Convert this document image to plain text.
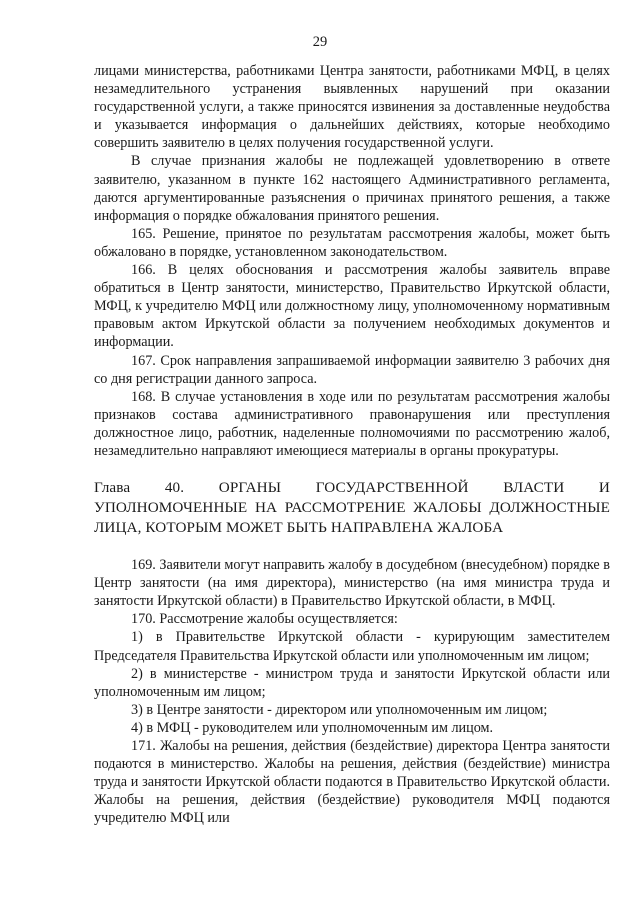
29

лицами министерства, работниками Центра занятости, работниками МФЦ, в целях незамедлительного устранения выявленных нарушений при оказании государственной услуги, а также приносятся извинения за доставленные неудобства и указывается информация о дальнейших действиях, которые необходимо совершить заявителю в целях получения государственной услуги.

В случае признания жалобы не подлежащей удовлетворению в ответе заявителю, указанном в пункте 162 настоящего Административного регламента, даются аргументированные разъяснения о причинах принятого решения, а также информация о порядке обжалования принятого решения.

165. Решение, принятое по результатам рассмотрения жалобы, может быть обжаловано в порядке, установленном законодательством.

166. В целях обоснования и рассмотрения жалобы заявитель вправе обратиться в Центр занятости, министерство, Правительство Иркутской области, МФЦ, к учредителю МФЦ или должностному лицу, уполномоченному нормативным правовым актом Иркутской области за получением необходимых документов и информации.

167. Срок направления запрашиваемой информации заявителю 3 рабочих дня со дня регистрации данного запроса.

168. В случае установления в ходе или по результатам рассмотрения жалобы признаков состава административного правонарушения или преступления должностное лицо, работник, наделенные полномочиями по рассмотрению жалоб, незамедлительно направляют имеющиеся материалы в органы прокуратуры.

Глава 40. ОРГАНЫ ГОСУДАРСТВЕННОЙ ВЛАСТИ И УПОЛНОМОЧЕННЫЕ НА РАССМОТРЕНИЕ ЖАЛОБЫ ДОЛЖНОСТНЫЕ ЛИЦА, КОТОРЫМ МОЖЕТ БЫТЬ НАПРАВЛЕНА ЖАЛОБА

169. Заявители могут направить жалобу в досудебном (внесудебном) порядке в Центр занятости (на имя директора), министерство (на имя министра труда и занятости Иркутской области) в Правительство Иркутской области, в МФЦ.

170. Рассмотрение жалобы осуществляется:

1) в Правительстве Иркутской области - курирующим заместителем Председателя Правительства Иркутской области или уполномоченным им лицом;

2) в министерстве - министром труда и занятости Иркутской области или уполномоченным им лицом;

3) в Центре занятости - директором или уполномоченным им лицом;

4) в МФЦ - руководителем или уполномоченным им лицом.

171. Жалобы на решения, действия (бездействие) директора Центра занятости подаются в министерство. Жалобы на решения, действия (бездействие) министра труда и занятости Иркутской области подаются в Правительство Иркутской области. Жалобы на решения, действия (бездействие) руководителя МФЦ подаются учредителю МФЦ или
